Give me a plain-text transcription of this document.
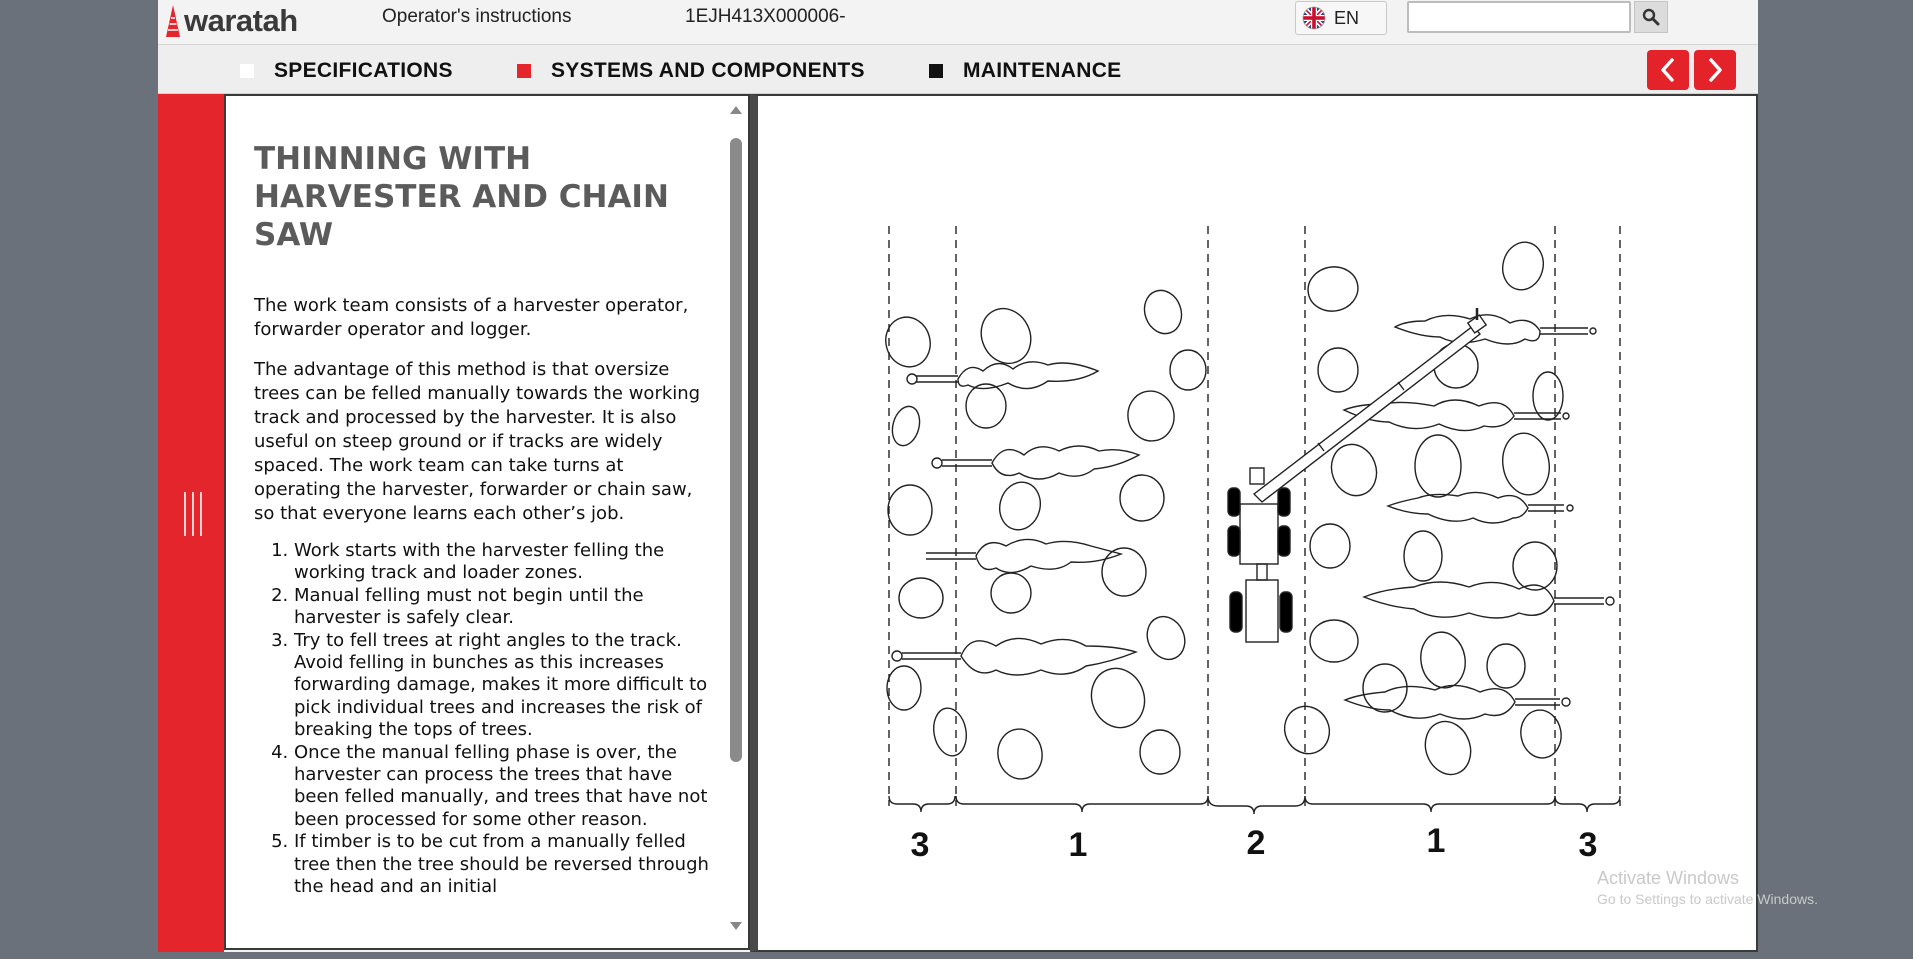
waratah	Operator's instructions	1EJH413X000006-	EN
SPECIFICATIONS	SYSTEMS AND COMPONENTS	MAINTENANCE
THINNING WITH HARVESTER AND CHAIN SAW

The work team consists of a harvester operator, forwarder operator and logger.

The advantage of this method is that oversize trees can be felled manually towards the working track and processed by the harvester. It is also useful on steep ground or if tracks are widely spaced. The work team can take turns at operating the harvester, forwarder or chain saw, so that everyone learns each other’s job.

1. Work starts with the harvester felling the working track and loader zones.
2. Manual felling must not begin until the harvester is safely clear.
3. Try to fell trees at right angles to the track. Avoid felling in bunches as this increases forwarding damage, makes it more difficult to pick individual trees and increases the risk of breaking the tops of trees.
4. Once the manual felling phase is over, the harvester can process the trees that have been felled manually, and trees that have not been processed for some other reason.
5. If timber is to be cut from a manually felled tree then the tree should be reversed through the head and an initial
3	1	2	1	3
Activate Windows
Go to Settings to activate Windows.
